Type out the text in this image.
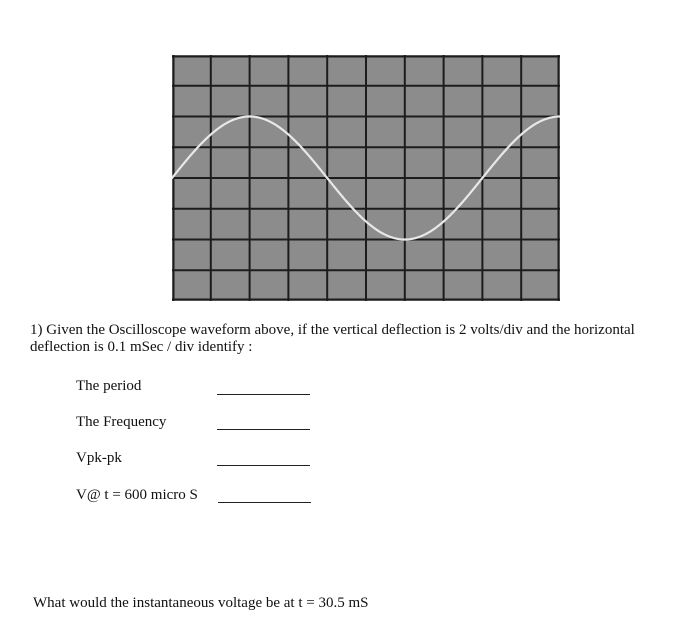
1) Given the Oscilloscope waveform above, if the vertical deflection is 2 volts/div and the horizontal deflection is 0.1 mSec / div identify :

The period
The Frequency
Vpk-pk
V@ t = 600 micro S
What would the instantaneous voltage be at t = 30.5 mS
